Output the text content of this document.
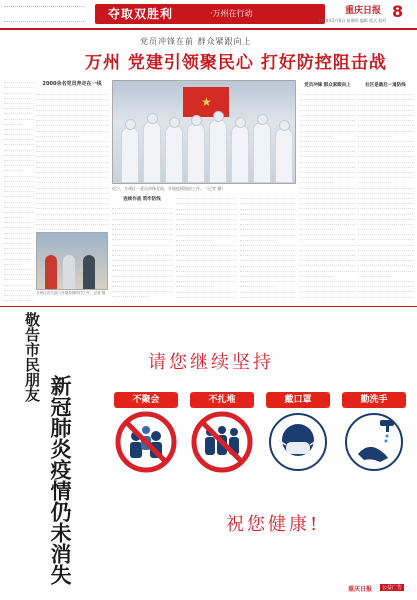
夺取双胜利	·万州在行动	重庆日报 8
2020年2月6日 星期四 编辑 版式 校对
党员冲锋在前 群众紧跟向上
万州 党建引领聚民心 打好防控阻击战
2000余名党员奔走在一线
★
近日，万州区一党员冲锋在前，开展疫情防控工作。（记者 摄）
连续作战 筑牢防线
党员冲锋 群众紧跟向上	社区是最后一道防线
万州区有关部门开展疫情防控工作，记者 摄
敬告市民朋友
新冠肺炎疫情仍未消失
请您继续坚持
不聚会	不扎堆	戴口罩	勤洗手
祝您健康!
重庆日报	公益广告
